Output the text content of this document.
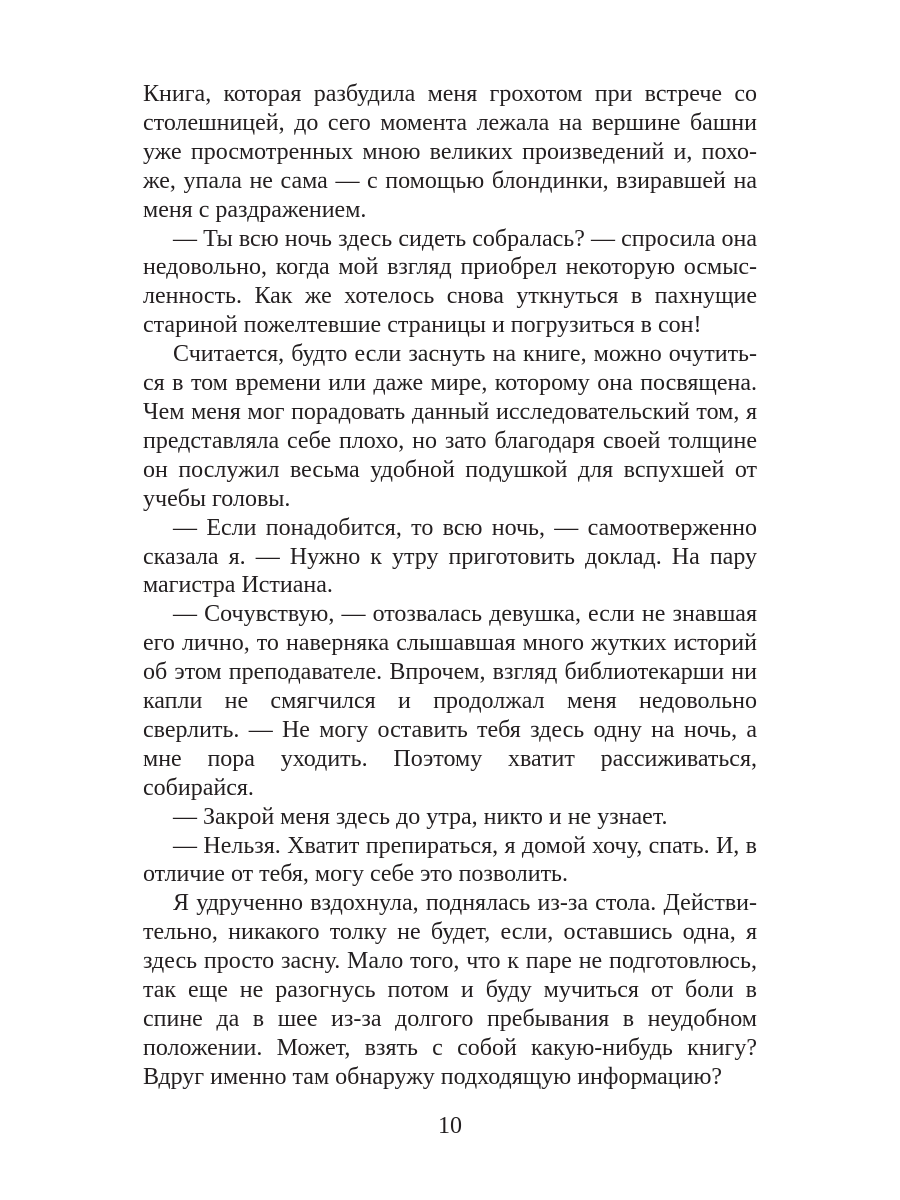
Книга, которая разбудила меня грохотом при встрече со столешницей, до сего момента лежала на вершине башни уже просмотренных мною великих произведений и, похоже, упала не сама — с помощью блондинки, взиравшей на меня с раздражением.

— Ты всю ночь здесь сидеть собралась? — спросила она недовольно, когда мой взгляд приобрел некоторую осмысленность. Как же хотелось снова уткнуться в пахнущие стариной пожелтевшие страницы и погрузиться в сон!

Считается, будто если заснуть на книге, можно очутиться в том времени или даже мире, которому она посвящена. Чем меня мог порадовать данный исследовательский том, я представляла себе плохо, но зато благодаря своей толщине он послужил весьма удобной подушкой для вспухшей от учебы головы.

— Если понадобится, то всю ночь, — самоотверженно сказала я. — Нужно к утру приготовить доклад. На пару магистра Истиана.

— Сочувствую, — отозвалась девушка, если не знавшая его лично, то наверняка слышавшая много жутких историй об этом преподавателе. Впрочем, взгляд библиотекарши ни капли не смягчился и продолжал меня недовольно сверлить. — Не могу оставить тебя здесь одну на ночь, а мне пора уходить. Поэтому хватит рассиживаться, собирайся.

— Закрой меня здесь до утра, никто и не узнает.

— Нельзя. Хватит препираться, я домой хочу, спать. И, в отличие от тебя, могу себе это позволить.

Я удрученно вздохнула, поднялась из-за стола. Действительно, никакого толку не будет, если, оставшись одна, я здесь просто засну. Мало того, что к паре не подготовлюсь, так еще не разогнусь потом и буду мучиться от боли в спине да в шее из-за долгого пребывания в неудобном положении. Может, взять с собой какую-нибудь книгу? Вдруг именно там обнаружу подходящую информацию?

10
